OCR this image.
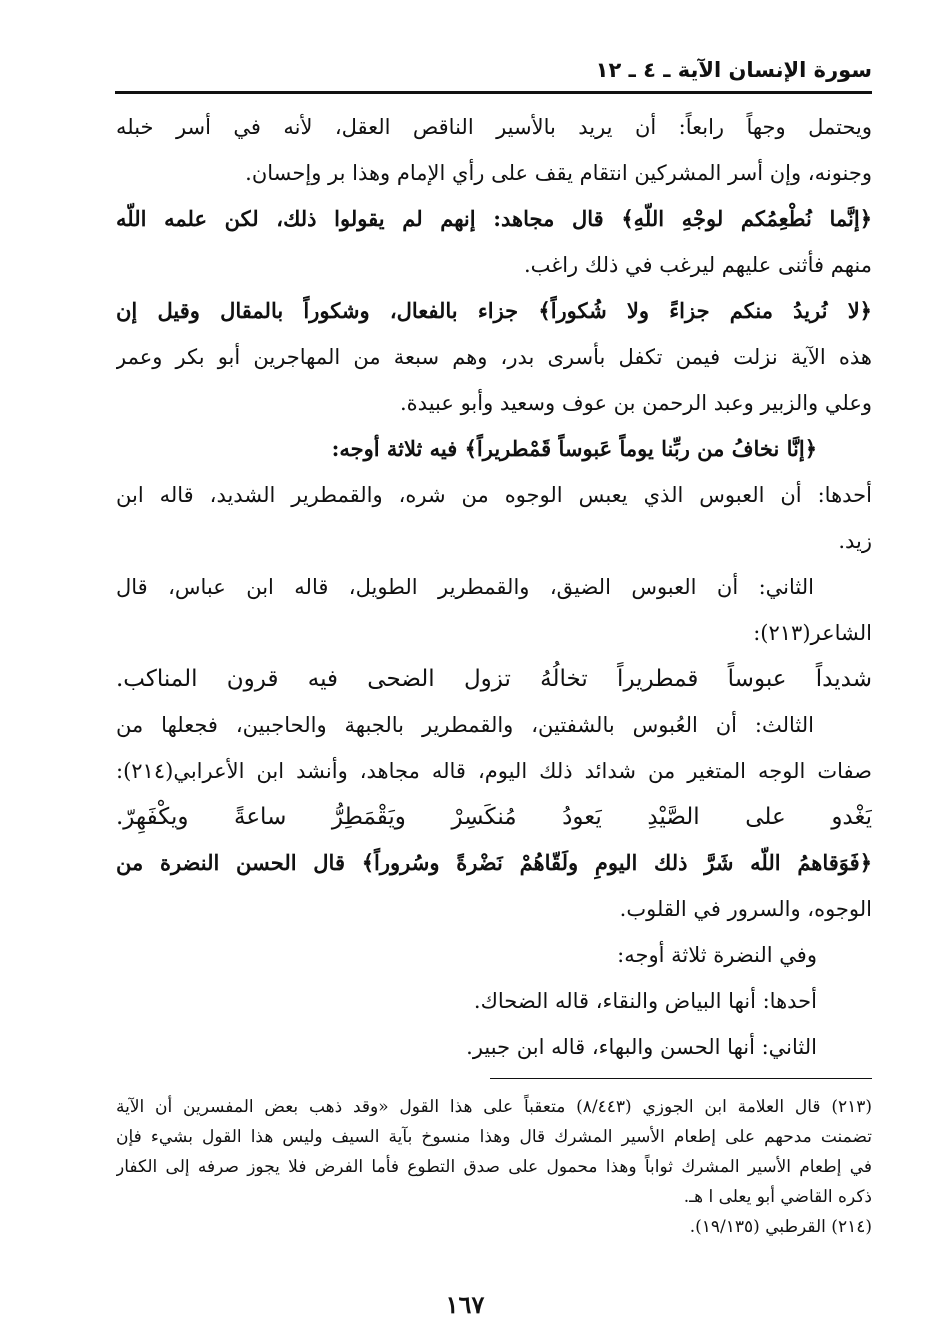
سورة الإنسان الآية ـ ٤ ـ ١٢
ويحتمل وجهاً رابعاً: أن يريد بالأسير الناقص العقل، لأنه في أسر خبله
وجنونه، وإن أسر المشركين انتقام يقف على رأي الإمام وهذا بر وإحسان.
﴿إنَّما نُطْعِمُكم لوجْهِ اللّهِ﴾ قال مجاهد: إنهم لم يقولوا ذلك، لكن علمه اللّه
منهم فأثنى عليهم ليرغب في ذلك راغب.
﴿لا نُريدُ منكم جزاءً ولا شُكوراً﴾ جزاء بالفعال، وشكوراً بالمقال وقيل إن
هذه الآية نزلت فيمن تكفل بأسرى بدر، وهم سبعة من المهاجرين أبو بكر وعمر
وعلي والزبير وعبد الرحمن بن عوف وسعيد وأبو عبيدة.
﴿إنَّا نخافُ من ربِّنا يوماً عَبوساً قَمْطريراً﴾ فيه ثلاثة أوجه:
أحدها: أن العبوس الذي يعبس الوجوه من شره، والقمطرير الشديد، قاله ابن
زيد.
الثاني: أن العبوس الضيق، والقمطرير الطويل، قاله ابن عباس، قال
الشاعر(٢١٣):
شديداً عبوساً قمطريراً تخالُهُ تزول الضحى فيه قرون المناكب.
الثالث: أن العُبوس بالشفتين، والقمطرير بالجبهة والحاجبين، فجعلها من
صفات الوجه المتغير من شدائد ذلك اليوم، قاله مجاهد، وأنشد ابن الأعرابي(٢١٤):
يَغْدو على الصَّيْدِ يَعودُ مُنكَسِرْ ويَقْمَطِرُّ ساعةً ويكْفَهِرّ.
﴿فَوَقاهمُ اللّه شَرَّ ذلك اليومِ ولَقّاهُمْ نَضْرةً وسُروراً﴾ قال الحسن النضرة من
الوجوه، والسرور في القلوب.
وفي النضرة ثلاثة أوجه:
أحدها: أنها البياض والنقاء، قاله الضحاك.
الثاني: أنها الحسن والبهاء، قاله ابن جبير.
(٢١٣) قال العلامة ابن الجوزي (٨/٤٤٣) متعقباً على هذا القول «وقد ذهب بعض المفسرين أن الآية
تضمنت مدحهم على إطعام الأسير المشرك قال وهذا منسوخ بآية السيف وليس هذا القول بشيء فإن
في إطعام الأسير المشرك ثواباً وهذا محمول على صدق التطوع فأما الفرض فلا يجوز صرفه إلى الكفار
ذكره القاضي أبو يعلى ا هـ.
(٢١٤) القرطبي (١٩/١٣٥).
١٦٧
